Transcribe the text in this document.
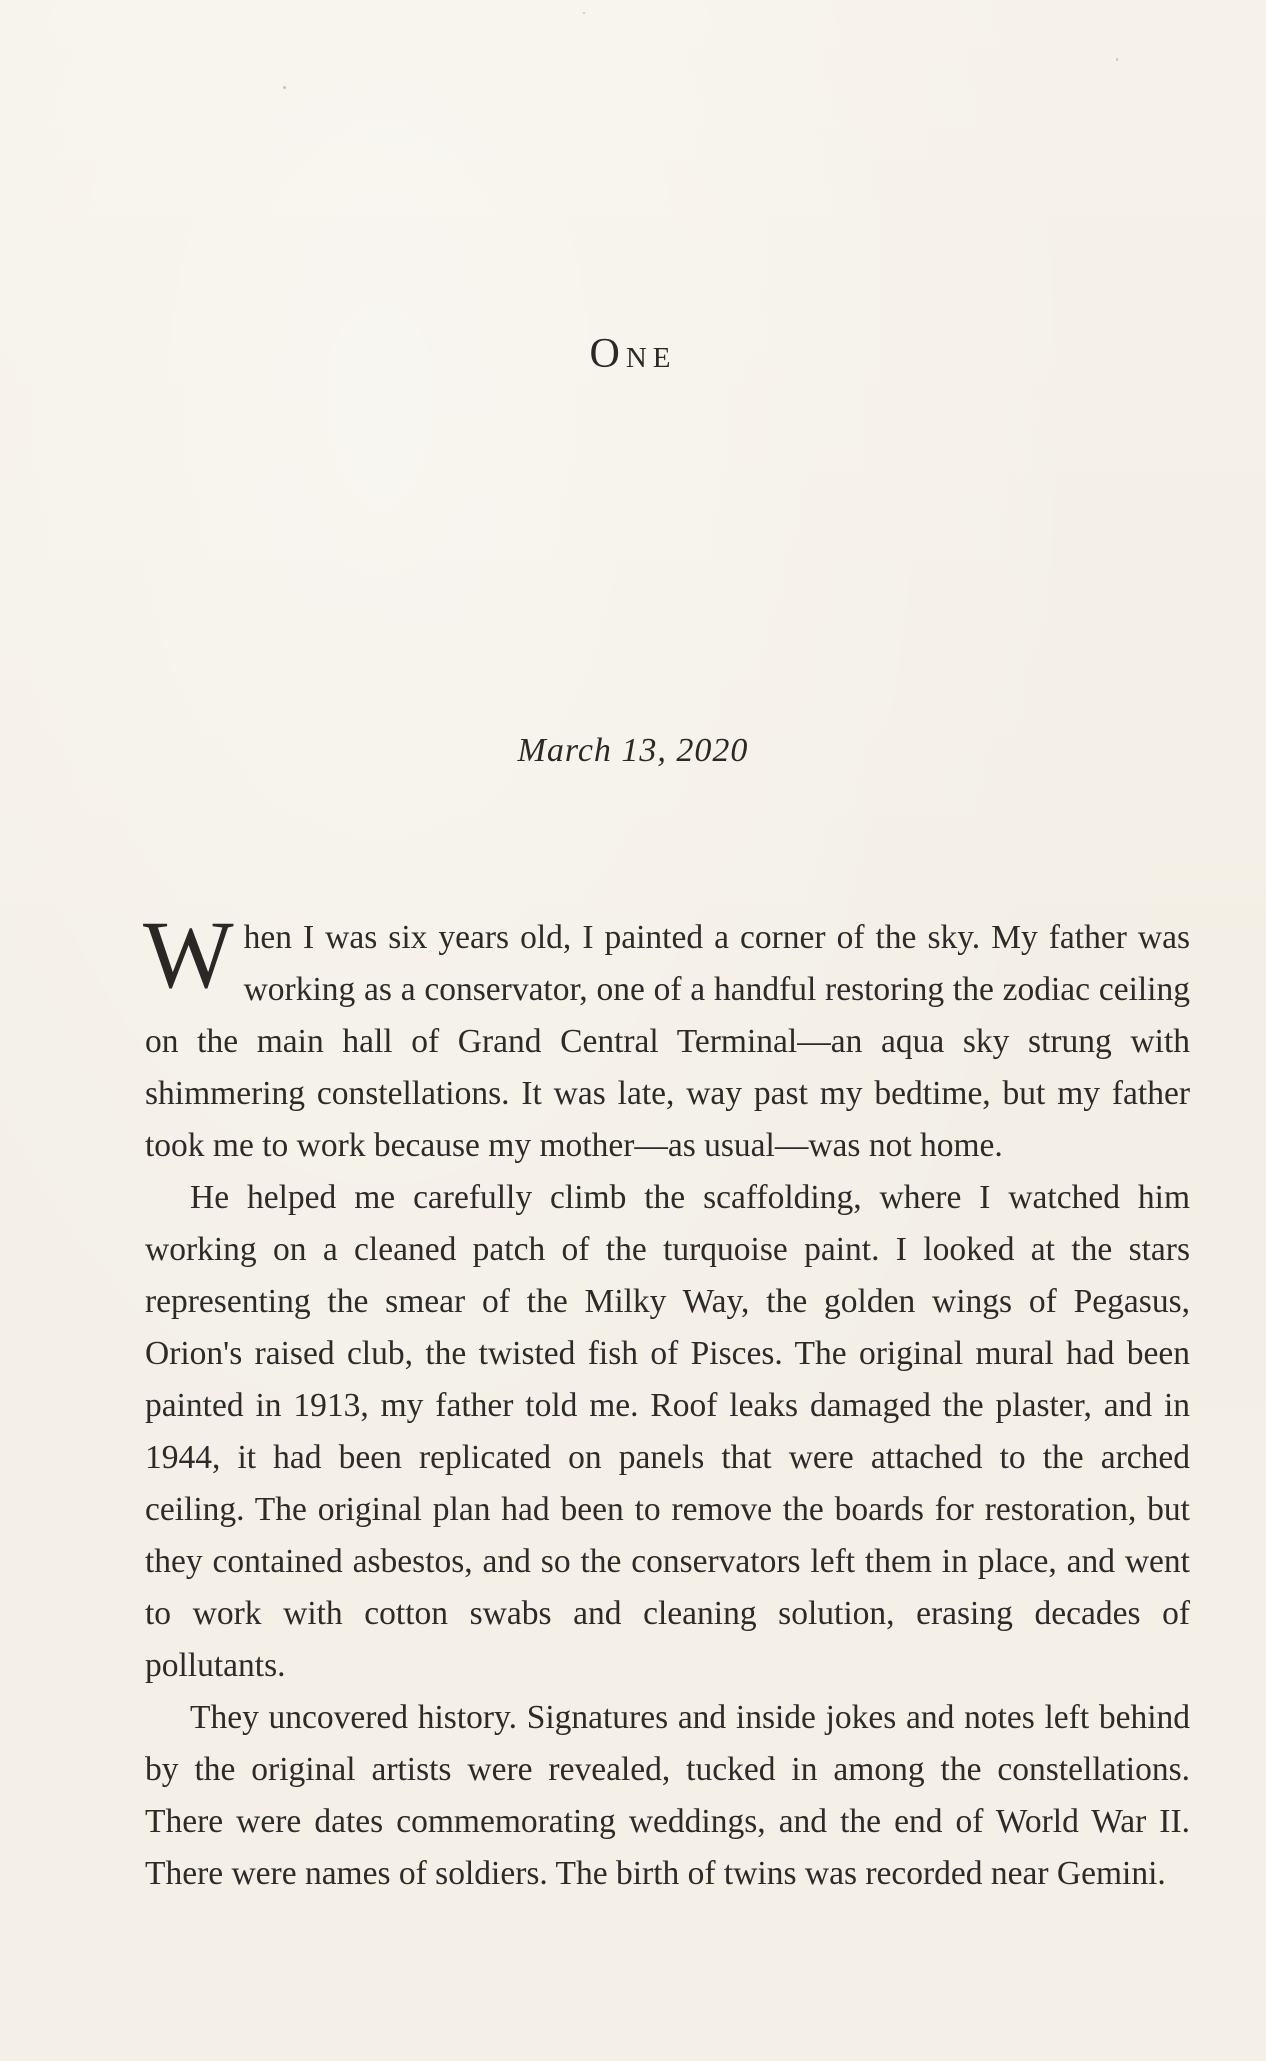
One
March 13, 2020

When I was six years old, I painted a corner of the sky. My father was working as a conservator, one of a handful restoring the zodiac ceiling on the main hall of Grand Central Terminal—an aqua sky strung with shimmering constellations. It was late, way past my bedtime, but my father took me to work because my mother—as usual—was not home.

He helped me carefully climb the scaffolding, where I watched him working on a cleaned patch of the turquoise paint. I looked at the stars representing the smear of the Milky Way, the golden wings of Pegasus, Orion's raised club, the twisted fish of Pisces. The original mural had been painted in 1913, my father told me. Roof leaks damaged the plaster, and in 1944, it had been replicated on panels that were attached to the arched ceiling. The original plan had been to remove the boards for restoration, but they contained asbestos, and so the conservators left them in place, and went to work with cotton swabs and cleaning solution, erasing decades of pollutants.

They uncovered history. Signatures and inside jokes and notes left behind by the original artists were revealed, tucked in among the constellations. There were dates commemorating weddings, and the end of World War II. There were names of soldiers. The birth of twins was recorded near Gemini.
